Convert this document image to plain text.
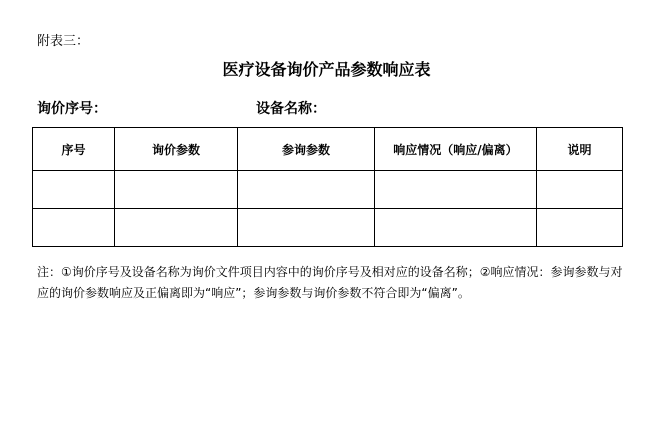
附表三：
医疗设备询价产品参数响应表
询价序号：	设备名称：
序号	询价参数	参询参数	响应情况（响应/偏离）	说明

注：①询价序号及设备名称为询价文件项目内容中的询价序号及相对应的设备名称；②响应情况：参询参数与对应的询价参数响应及正偏离即为“响应”；参询参数与询价参数不符合即为“偏离”。
